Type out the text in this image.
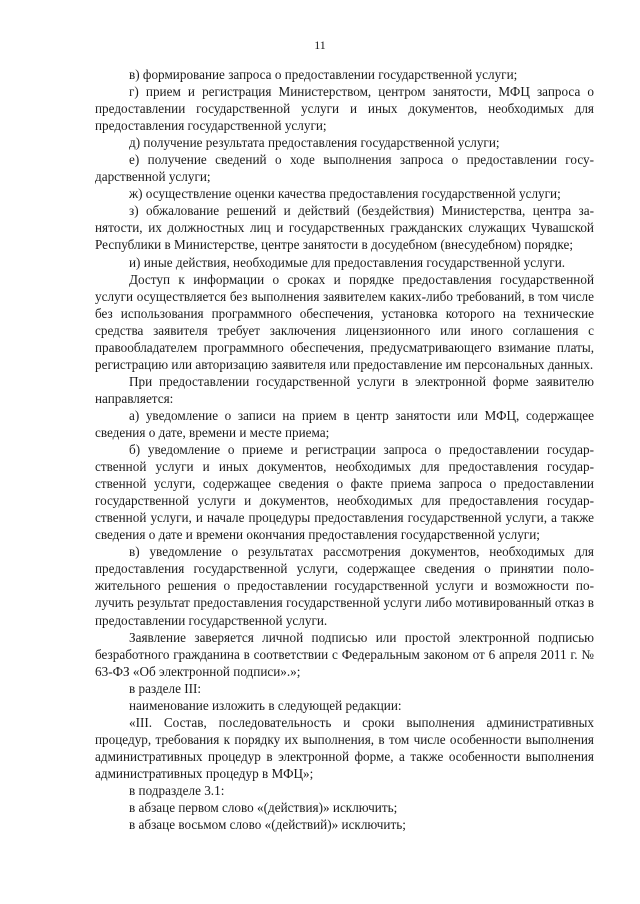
11

в) формирование запроса о предоставлении государственной услуги;

г) прием и регистрация Министерством, центром занятости, МФЦ запроса о предоставлении государственной услуги и иных документов, необходимых для предоставления государственной услуги;

д) получение результата предоставления государственной услуги;

е) получение сведений о ходе выполнения запроса о предоставлении государственной услуги;

ж) осуществление оценки качества предоставления государственной услуги;

з) обжалование решений и действий (бездействия) Министерства, центра занятости, их должностных лиц и государственных гражданских служащих Чувашской Республики в Министерстве, центре занятости в досудебном (внесудебном) порядке;

и) иные действия, необходимые для предоставления государственной услуги.

Доступ к информации о сроках и порядке предоставления государственной услуги осуществляется без выполнения заявителем каких-либо требований, в том числе без использования программного обеспечения, установка которого на технические средства заявителя требует заключения лицензионного или иного соглашения с правообладателем программного обеспечения, предусматривающего взимание платы, регистрацию или авторизацию заявителя или предоставление им персональных данных.

При предоставлении государственной услуги в электронной форме заявителю направляется:

а) уведомление о записи на прием в центр занятости или МФЦ, содержащее сведения о дате, времени и месте приема;

б) уведомление о приеме и регистрации запроса о предоставлении государственной услуги и иных документов, необходимых для предоставления государственной услуги, содержащее сведения о факте приема запроса о предоставлении государственной услуги и документов, необходимых для предоставления государственной услуги, и начале процедуры предоставления государственной услуги, а также сведения о дате и времени окончания предоставления государственной услуги;

в) уведомление о результатах рассмотрения документов, необходимых для предоставления государственной услуги, содержащее сведения о принятии положительного решения о предоставлении государственной услуги и возможности получить результат предоставления государственной услуги либо мотивированный отказ в предоставлении государственной услуги.

Заявление заверяется личной подписью или простой электронной подписью безработного гражданина в соответствии с Федеральным законом от 6 апреля 2011 г. № 63-ФЗ «Об электронной подписи».»;

в разделе III:

наименование изложить в следующей редакции:

«III. Состав, последовательность и сроки выполнения административных процедур, требования к порядку их выполнения, в том числе особенности выполнения административных процедур в электронной форме, а также особенности выполнения административных процедур в МФЦ»;

в подразделе 3.1:

в абзаце первом слово «(действия)» исключить;

в абзаце восьмом слово «(действий)» исключить;
